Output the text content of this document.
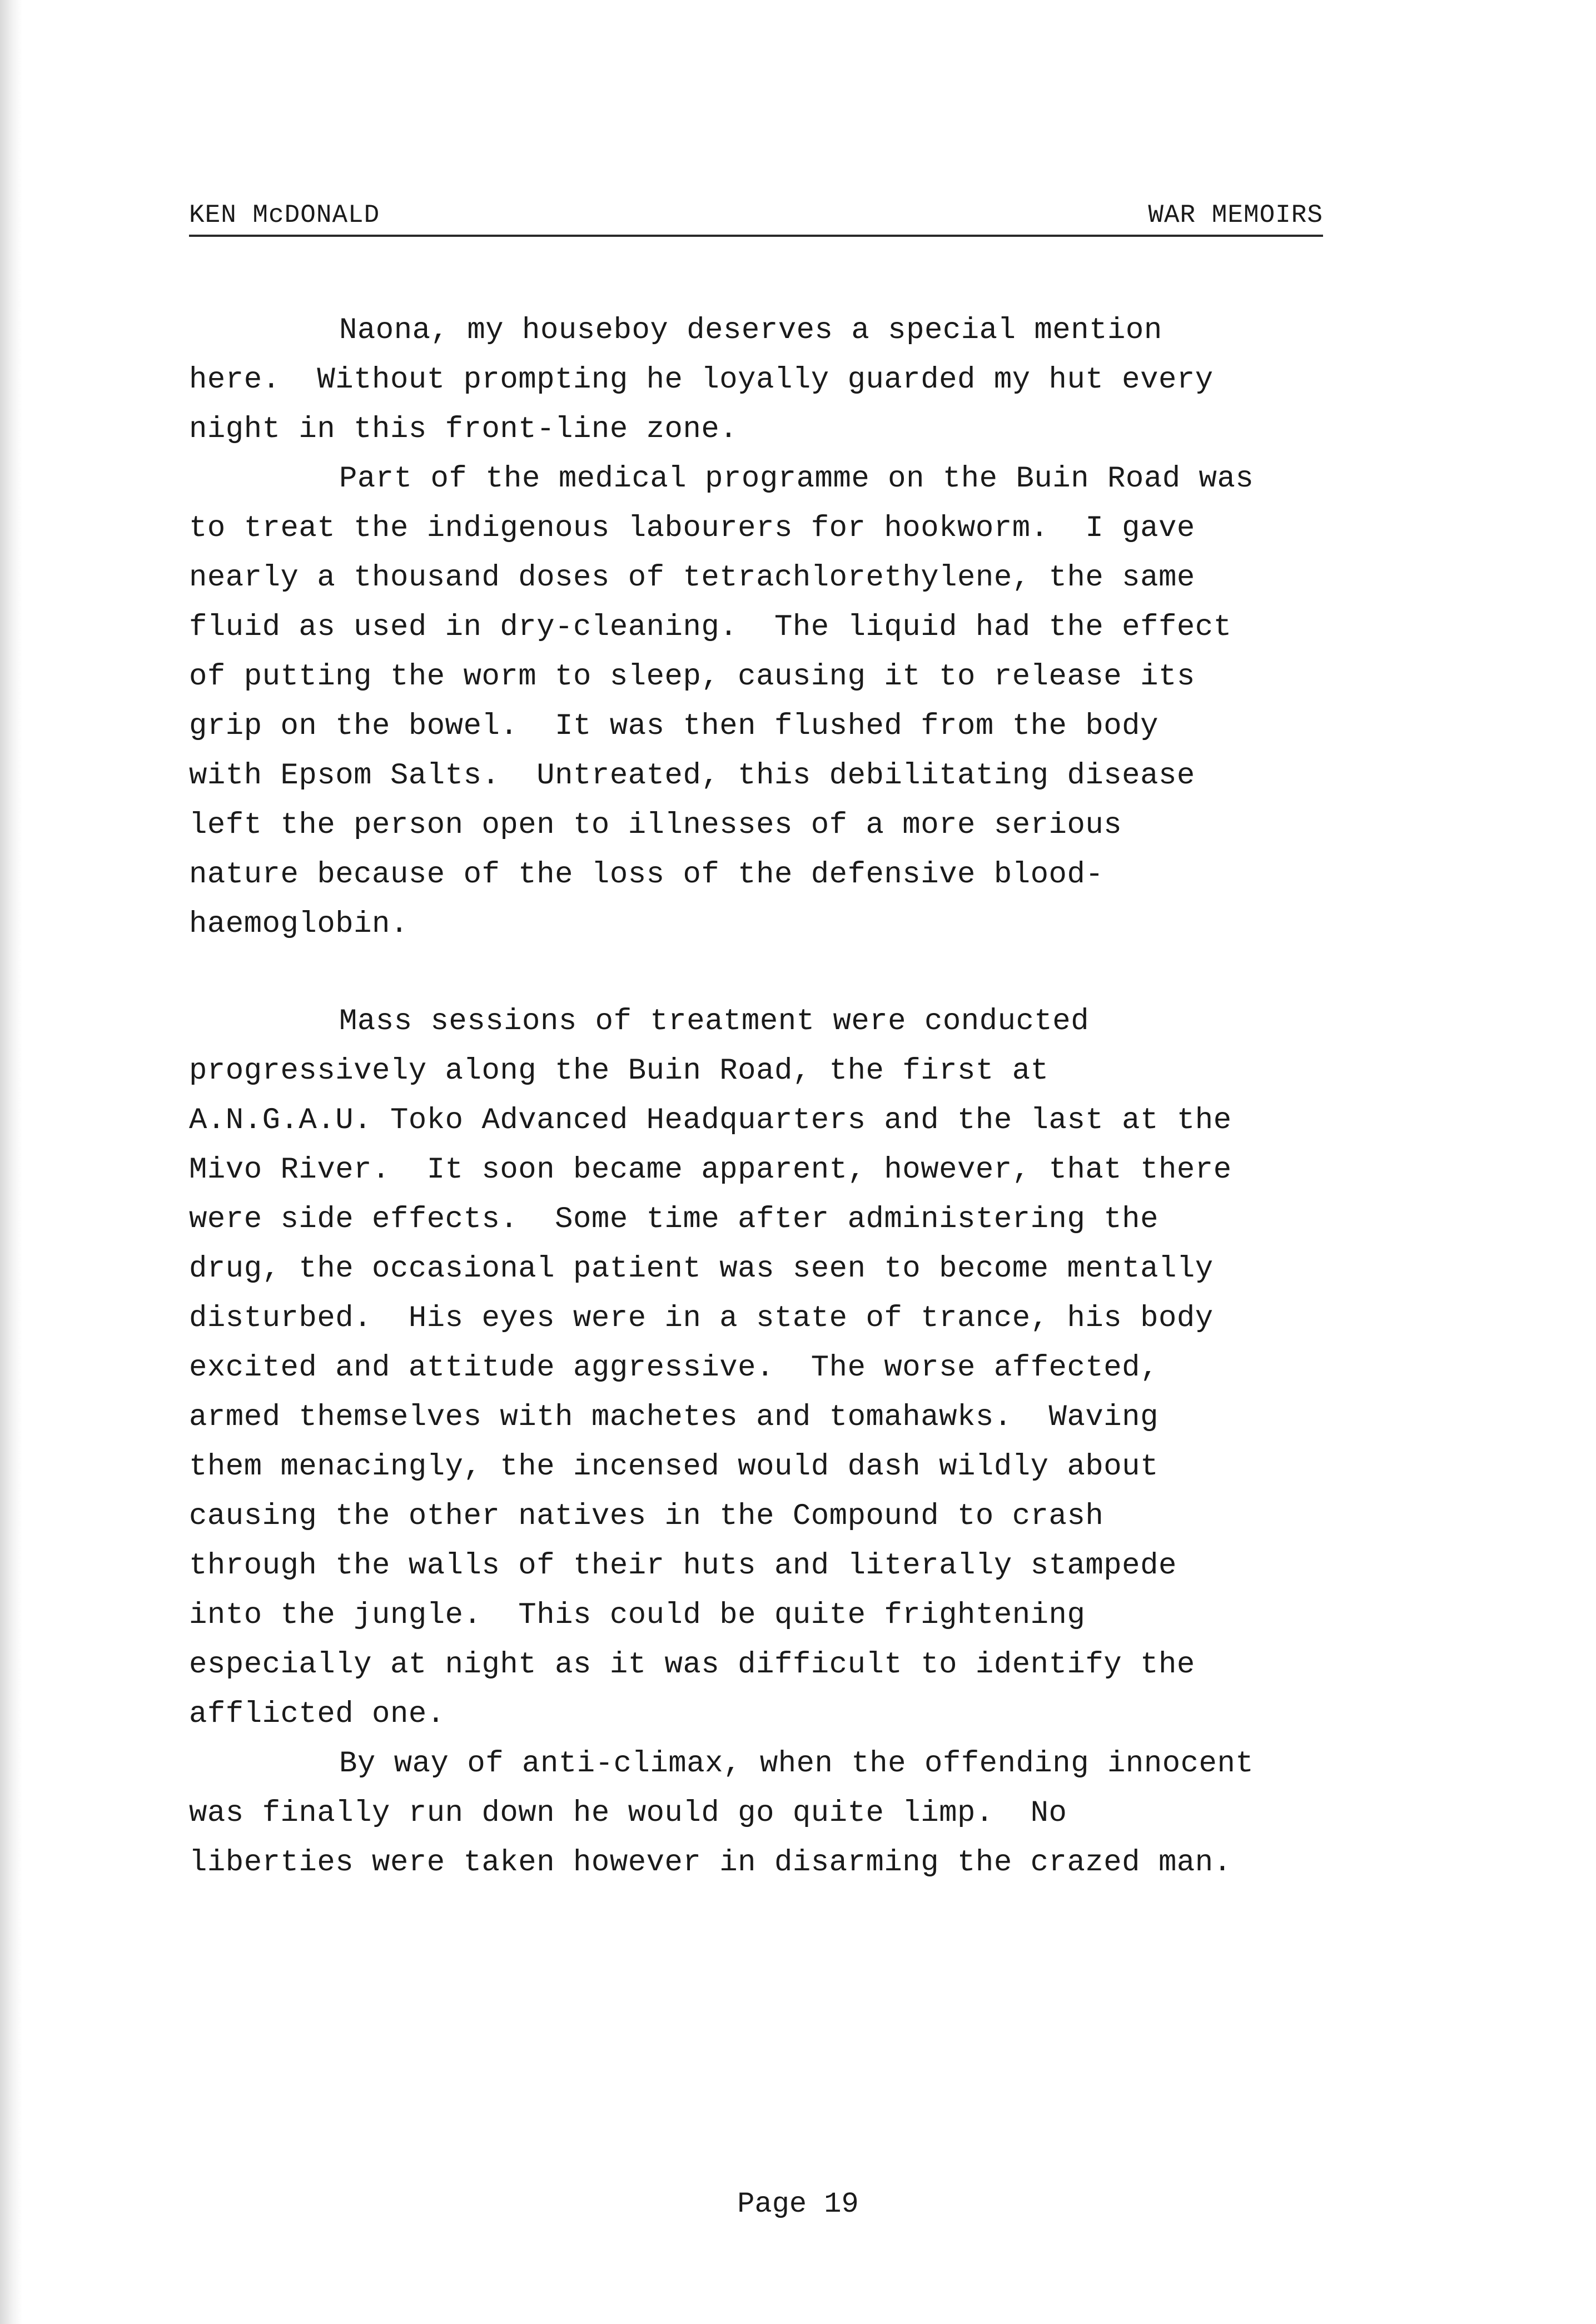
KEN McDONALD	WAR MEMOIRS
Naona, my houseboy deserves a special mention
here.  Without prompting he loyally guarded my hut every
night in this front-line zone.
Part of the medical programme on the Buin Road was
to treat the indigenous labourers for hookworm.  I gave
nearly a thousand doses of tetrachlorethylene, the same
fluid as used in dry-cleaning.  The liquid had the effect
of putting the worm to sleep, causing it to release its
grip on the bowel.  It was then flushed from the body
with Epsom Salts.  Untreated, this debilitating disease
left the person open to illnesses of a more serious
nature because of the loss of the defensive blood-
haemoglobin.
Mass sessions of treatment were conducted
progressively along the Buin Road, the first at
A.N.G.A.U. Toko Advanced Headquarters and the last at the
Mivo River.  It soon became apparent, however, that there
were side effects.  Some time after administering the
drug, the occasional patient was seen to become mentally
disturbed.  His eyes were in a state of trance, his body
excited and attitude aggressive.  The worse affected,
armed themselves with machetes and tomahawks.  Waving
them menacingly, the incensed would dash wildly about
causing the other natives in the Compound to crash
through the walls of their huts and literally stampede
into the jungle.  This could be quite frightening
especially at night as it was difficult to identify the
afflicted one.
By way of anti-climax, when the offending innocent
was finally run down he would go quite limp.  No
liberties were taken however in disarming the crazed man.
Page 19
